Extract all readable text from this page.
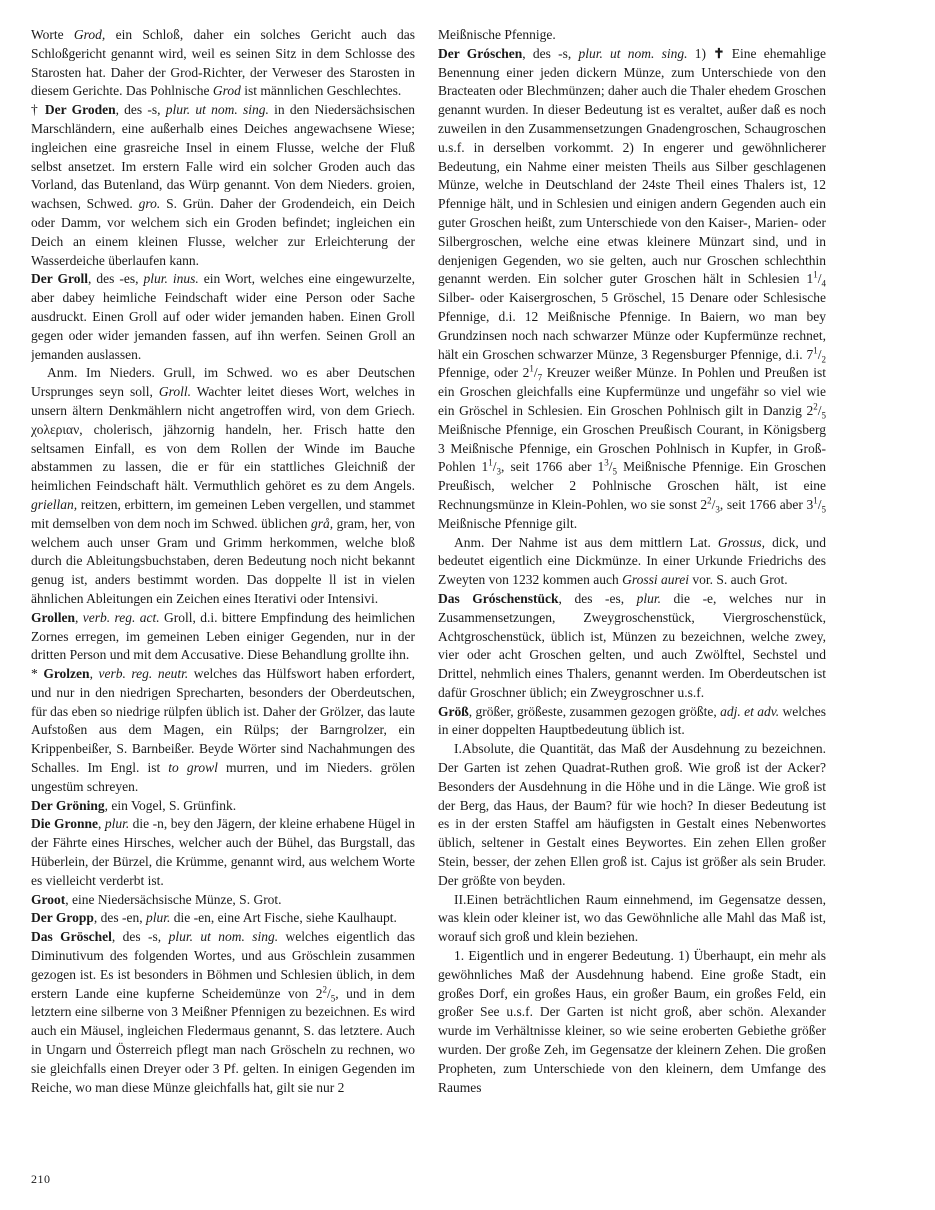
Worte Grod, ein Schloß, daher ein solches Gericht auch das Schloßgericht genannt wird, weil es seinen Sitz in dem Schlosse des Starosten hat. Daher der Grod-Richter, der Verweser des Starosten in diesem Gerichte. Das Pohlnische Grod ist männlichen Geschlechtes.

† Der Groden, des -s, plur. ut nom. sing. in den Niedersächsischen Marschländern, eine außerhalb eines Deiches angewachsene Wiese; ingleichen eine grasreiche Insel in einem Flusse, welche der Fluß selbst ansetzet. Im erstern Falle wird ein solcher Groden auch das Vorland, das Butenland, das Würp genannt. Von dem Nieders. groien, wachsen, Schwed. gro. S. Grün. Daher der Grodendeich, ein Deich oder Damm, vor welchem sich ein Groden befindet; ingleichen ein Deich an einem kleinen Flusse, welcher zur Erleichterung der Wasserdeiche überlaufen kann.

Der Groll, des -es, plur. inus. ein Wort, welches eine eingewurzelte, aber dabey heimliche Feindschaft wider eine Person oder Sache ausdruckt. Einen Groll auf oder wider jemanden haben. Einen Groll gegen oder wider jemanden fassen, auf ihn werfen. Seinen Groll an jemanden auslassen.

Anm. Im Nieders. Grull, im Schwed. wo es aber Deutschen Ursprunges seyn soll, Groll. Wachter leitet dieses Wort, welches in unsern ältern Denkmählern nicht angetroffen wird, von dem Griech. χολεριαν, cholerisch, jähzornig handeln, her. Frisch hatte den seltsamen Einfall, es von dem Rollen der Winde im Bauche abstammen zu lassen, die er für ein stattliches Gleichniß der heimlichen Feindschaft hält. Vermuthlich gehöret es zu dem Angels. griellan, reitzen, erbittern, im gemeinen Leben vergellen, und stammet mit demselben von dem noch im Schwed. üblichen grå, gram, her, von welchem auch unser Gram und Grimm herkommen, welche bloß durch die Ableitungsbuchstaben, deren Bedeutung noch nicht bekannt genug ist, anders bestimmt worden. Das doppelte ll ist in vielen ähnlichen Ableitungen ein Zeichen eines Iterativi oder Intensivi.

Grollen, verb. reg. act. Groll, d.i. bittere Empfindung des heimlichen Zornes erregen, im gemeinen Leben einiger Gegenden, nur in der dritten Person und mit dem Accusative. Diese Behandlung grollte ihn.

* Grolzen, verb. reg. neutr. welches das Hülfswort haben erfordert, und nur in den niedrigen Sprecharten, besonders der Oberdeutschen, für das eben so niedrige rülpfen üblich ist. Daher der Grölzer, das laute Aufstoßen aus dem Magen, ein Rülps; der Barngrolzer, ein Krippenbeißer, S. Barnbeißer. Beyde Wörter sind Nachahmungen des Schalles. Im Engl. ist to growl murren, und im Nieders. grölen ungestüm schreyen.

Der Gröning, ein Vogel, S. Grünfink.

Die Gronne, plur. die -n, bey den Jägern, der kleine erhabene Hügel in der Fährte eines Hirsches, welcher auch der Bühel, das Burgstall, das Hüberlein, der Bürzel, die Krümme, genannt wird, aus welchem Worte es vielleicht verderbt ist.

Groot, eine Niedersächsische Münze, S. Grot.

Der Gropp, des -en, plur. die -en, eine Art Fische, siehe Kaulhaupt.

Das Gröschel, des -s, plur. ut nom. sing. welches eigentlich das Diminutivum des folgenden Wortes, und aus Gröschlein zusammen gezogen ist. Es ist besonders in Böhmen und Schlesien üblich, in dem erstern Lande eine kupferne Scheidemünze von $2^2/_5$, und in dem letztern eine silberne von 3 Meißner Pfennigen zu bezeichnen. Es wird auch ein Mäusel, ingleichen Fledermaus genannt, S. das letztere. Auch in Ungarn und Österreich pflegt man nach Gröscheln zu rechnen, wo sie gleichfalls einen Dreyer oder 3 Pf. gelten. In einigen Gegenden im Reiche, wo man diese Münze gleichfalls hat, gilt sie nur 2

Meißnische Pfennige.

Der Gróschen, des -s, plur. ut nom. sing. 1) ✝ Eine ehemahlige Benennung einer jeden dickern Münze, zum Unterschiede von den Bracteaten oder Blechmünzen; daher auch die Thaler ehedem Groschen genannt wurden. In dieser Bedeutung ist es veraltet, außer daß es noch zuweilen in den Zusammensetzungen Gnadengroschen, Schaugroschen u.s.f. in derselben vorkommt. 2) In engerer und gewöhnlicherer Bedeutung, ein Nahme einer meisten Theils aus Silber geschlagenen Münze, welche in Deutschland der 24ste Theil eines Thalers ist, 12 Pfennige hält, und in Schlesien und einigen andern Gegenden auch ein guter Groschen heißt, zum Unterschiede von den Kaiser-, Marien- oder Silbergroschen, welche eine etwas kleinere Münzart sind, und in denjenigen Gegenden, wo sie gelten, auch nur Groschen schlechthin genannt werden. Ein solcher guter Groschen hält in Schlesien $1^1/_4$ Silber- oder Kaisergroschen, 5 Gröschel, 15 Denare oder Schlesische Pfennige, d.i. 12 Meißnische Pfennige. In Baiern, wo man bey Grundzinsen noch nach schwarzer Münze oder Kupfermünze rechnet, hält ein Groschen schwarzer Münze, 3 Regensburger Pfennige, d.i. $7^1/_2$ Pfennige, oder $2^1/_7$ Kreuzer weißer Münze. In Pohlen und Preußen ist ein Groschen gleichfalls eine Kupfermünze und ungefähr so viel wie ein Gröschel in Schlesien. Ein Groschen Pohlnisch gilt in Danzig $2^2/_5$ Meißnische Pfennige, ein Groschen Preußisch Courant, in Königsberg 3 Meißnische Pfennige, ein Groschen Pohlnisch in Kupfer, in Groß-Pohlen $1^1/_3$, seit 1766 aber $1^3/_5$ Meißnische Pfennige. Ein Groschen Preußisch, welcher 2 Pohlnische Groschen hält, ist eine Rechnungsmünze in Klein-Pohlen, wo sie sonst $2^2/_3$, seit 1766 aber $3^1/_5$ Meißnische Pfennige gilt.

Anm. Der Nahme ist aus dem mittlern Lat. Grossus, dick, und bedeutet eigentlich eine Dickmünze. In einer Urkunde Friedrichs des Zweyten von 1232 kommen auch Grossi aurei vor. S. auch Grot.

Das Gróschenstück, des -es, plur. die -e, welches nur in Zusammensetzungen, Zweygroschenstück, Viergroschenstück, Achtgroschenstück, üblich ist, Münzen zu bezeichnen, welche zwey, vier oder acht Groschen gelten, und auch Zwölftel, Sechstel und Drittel, nehmlich eines Thalers, genannt werden. Im Oberdeutschen ist dafür Groschner üblich; ein Zweygroschner u.s.f.

Größ, größer, größeste, zusammen gezogen größte, adj. et adv. welches in einer doppelten Hauptbedeutung üblich ist.

I.Absolute, die Quantität, das Maß der Ausdehnung zu bezeichnen. Der Garten ist zehen Quadrat-Ruthen groß. Wie groß ist der Acker? Besonders der Ausdehnung in die Höhe und in die Länge. Wie groß ist der Berg, das Haus, der Baum? für wie hoch? In dieser Bedeutung ist es in der ersten Staffel am häufigsten in Gestalt eines Nebenwortes üblich, seltener in Gestalt eines Beywortes. Ein zehen Ellen großer Stein, besser, der zehen Ellen groß ist. Cajus ist größer als sein Bruder. Der größte von beyden.

II.Einen beträchtlichen Raum einnehmend, im Gegensatze dessen, was klein oder kleiner ist, wo das Gewöhnliche alle Mahl das Maß ist, worauf sich groß und klein beziehen.

1. Eigentlich und in engerer Bedeutung. 1) Überhaupt, ein mehr als gewöhnliches Maß der Ausdehnung habend. Eine große Stadt, ein großes Dorf, ein großes Haus, ein großer Baum, ein großes Feld, ein großer See u.s.f. Der Garten ist nicht groß, aber schön. Alexander wurde im Verhältnisse kleiner, so wie seine eroberten Gebiethe größer wurden. Der große Zeh, im Gegensatze der kleinern Zehen. Die großen Propheten, zum Unterschiede von den kleinern, dem Umfange des Raumes

210
